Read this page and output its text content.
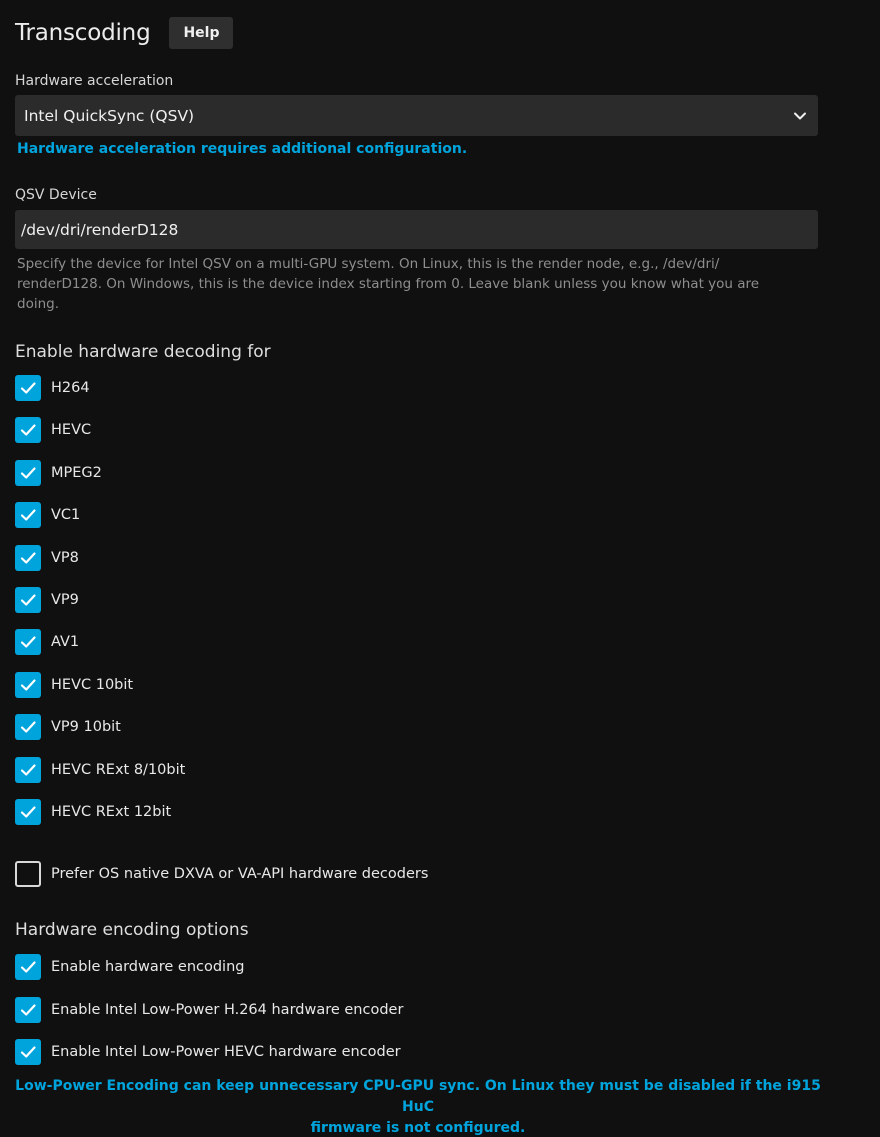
Transcoding	Help
Hardware acceleration
Intel QuickSync (QSV)
Hardware acceleration requires additional configuration.
QSV Device
/dev/dri/renderD128
Specify the device for Intel QSV on a multi-GPU system. On Linux, this is the render node, e.g., /dev/dri/
renderD128. On Windows, this is the device index starting from 0. Leave blank unless you know what you are
doing.
Enable hardware decoding for
H264
HEVC
MPEG2
VC1
VP8
VP9
AV1
HEVC 10bit
VP9 10bit
HEVC RExt 8/10bit
HEVC RExt 12bit
Prefer OS native DXVA or VA-API hardware decoders
Hardware encoding options
Enable hardware encoding
Enable Intel Low-Power H.264 hardware encoder
Enable Intel Low-Power HEVC hardware encoder
Low-Power Encoding can keep unnecessary CPU-GPU sync. On Linux they must be disabled if the i915 HuC
firmware is not configured.
